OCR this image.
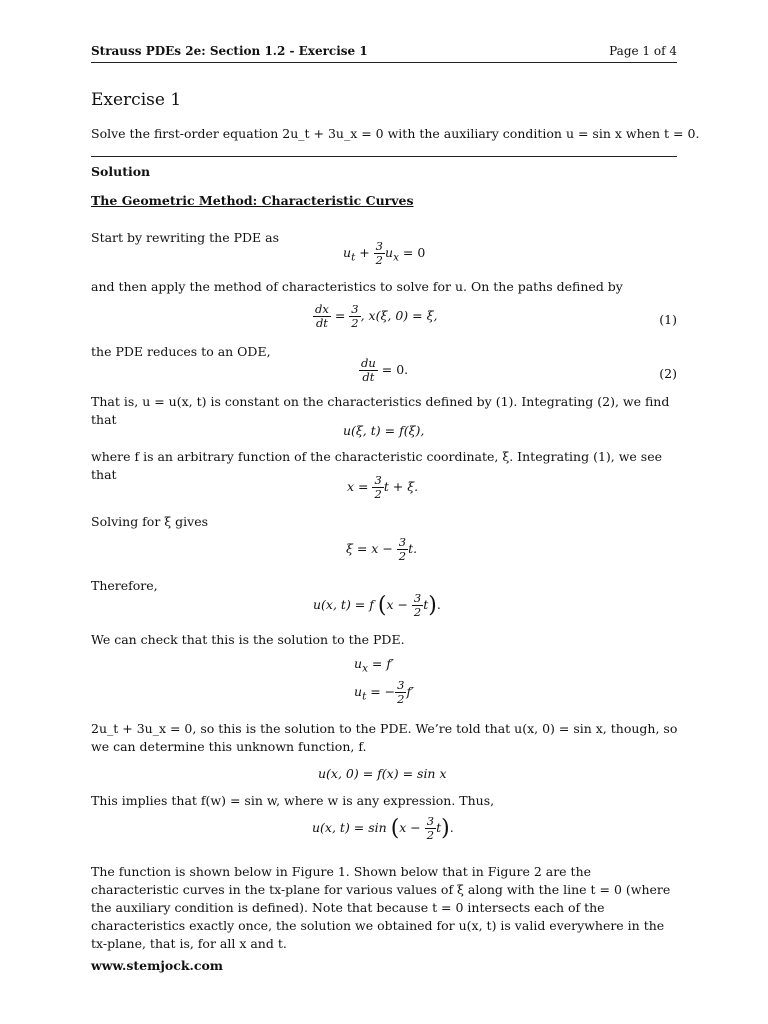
Strauss PDEs 2e: Section 1.2 - Exercise 1	Page 1 of 4
Exercise 1
Solve the first-order equation 2u_t + 3u_x = 0 with the auxiliary condition u = sin x when t = 0.
Solution
The Geometric Method: Characteristic Curves
Start by rewriting the PDE as
$u_t + \frac{3}{2} u_x = 0$
and then apply the method of characteristics to solve for u. On the paths defined by
$\frac{dx}{dt} = \frac{3}{2}$ , x(ξ, 0) = ξ,	(1)
the PDE reduces to an ODE,
$\frac{du}{dt} = 0$.	(2)
That is, u = u(x, t) is constant on the characteristics defined by (1). Integrating (2), we find that
u(ξ, t) = f(ξ),
where f is an arbitrary function of the characteristic coordinate, ξ. Integrating (1), we see that
$x = \frac{3}{2}$ t + ξ.
Solving for ξ gives
$\xi = x - \frac{3}{2} t$.
Therefore,
u(x, t) = f $(x - \frac{3}{2} t)$.
We can check that this is the solution to the PDE.
$u_x = f'$
$u_t$ = − $\frac{3}{2} f'$
2u_t + 3u_x = 0, so this is the solution to the PDE. We’re told that u(x, 0) = sin x, though, so we can determine this unknown function, f.
u(x, 0) = f(x) = sin x
This implies that f(w) = sin w, where w is any expression. Thus,
u(x, $t) = \sin (x - \frac{3}{2} t)$.
The function is shown below in Figure 1. Shown below that in Figure 2 are the characteristic curves in the tx-plane for various values of ξ along with the line t = 0 (where the auxiliary condition is defined). Note that because t = 0 intersects each of the characteristics exactly once, the solution we obtained for u(x, t) is valid everywhere in the tx-plane, that is, for all x and t.
www.stemjock.com
